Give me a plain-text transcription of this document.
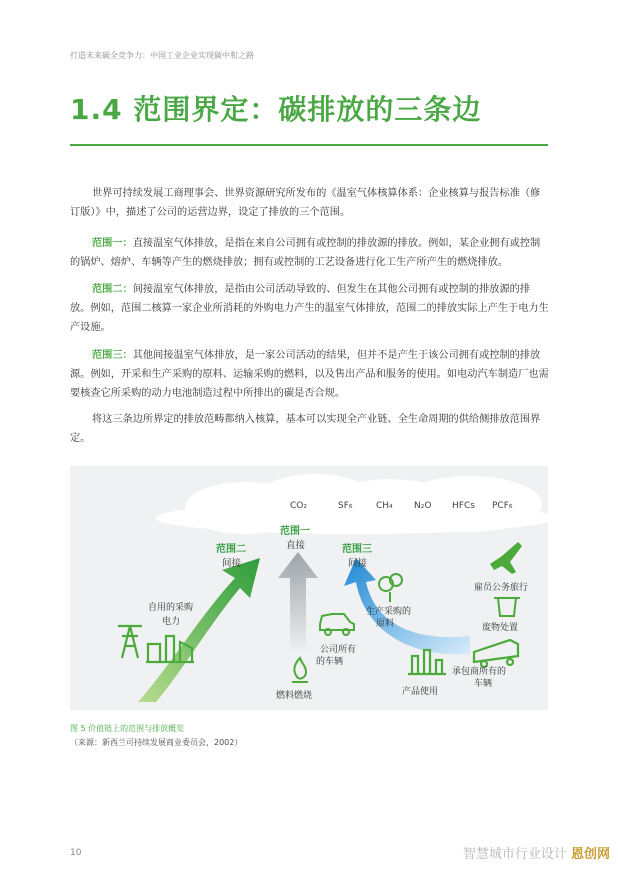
打造未来碳全竞争力：中国工业企业实现碳中和之路
1.4 范围界定：碳排放的三条边
世界可持续发展工商理事会、世界资源研究所发布的《温室气体核算体系：企业核算与报告标准（修订版）》中，描述了公司的运营边界，设定了排放的三个范围。
范围一：直接温室气体排放，是指在来自公司拥有或控制的排放源的排放。例如，某企业拥有或控制的锅炉、熔炉、车辆等产生的燃烧排放；拥有或控制的工艺设备进行化工生产所产生的燃烧排放。
范围二：间接温室气体排放，是指由公司活动导致的、但发生在其他公司拥有或控制的排放源的排放。例如，范围二核算一家企业所消耗的外购电力产生的温室气体排放，范围二的排放实际上产生于电力生产设施。
范围三：其他间接温室气体排放，是一家公司活动的结果，但并不是产生于该公司拥有或控制的排放源。例如，开采和生产采购的原料、运输采购的燃料，以及售出产品和服务的使用。如电动汽车制造厂也需要核查它所采购的动力电池制造过程中所排出的碳是否合规。
将这三条边所界定的排放范畴都纳入核算，基本可以实现全产业链、全生命周期的供给侧排放范围界定。
CO₂	SF₆	CH₄ N₂O HFCs PCF₆
范围一
直接
范围二
间接
范围三
间接
自用的采购
电力
公司所有
的车辆
燃料燃烧
生产采购的
原料
产品使用
雇员公务旅行
废物处置
承包商所有的
车辆
图 5 价值链上的范围与排放概览
（来源：新西兰可持续发展商业委员会，2002）
10	智慧城市行业设计 恩创网
